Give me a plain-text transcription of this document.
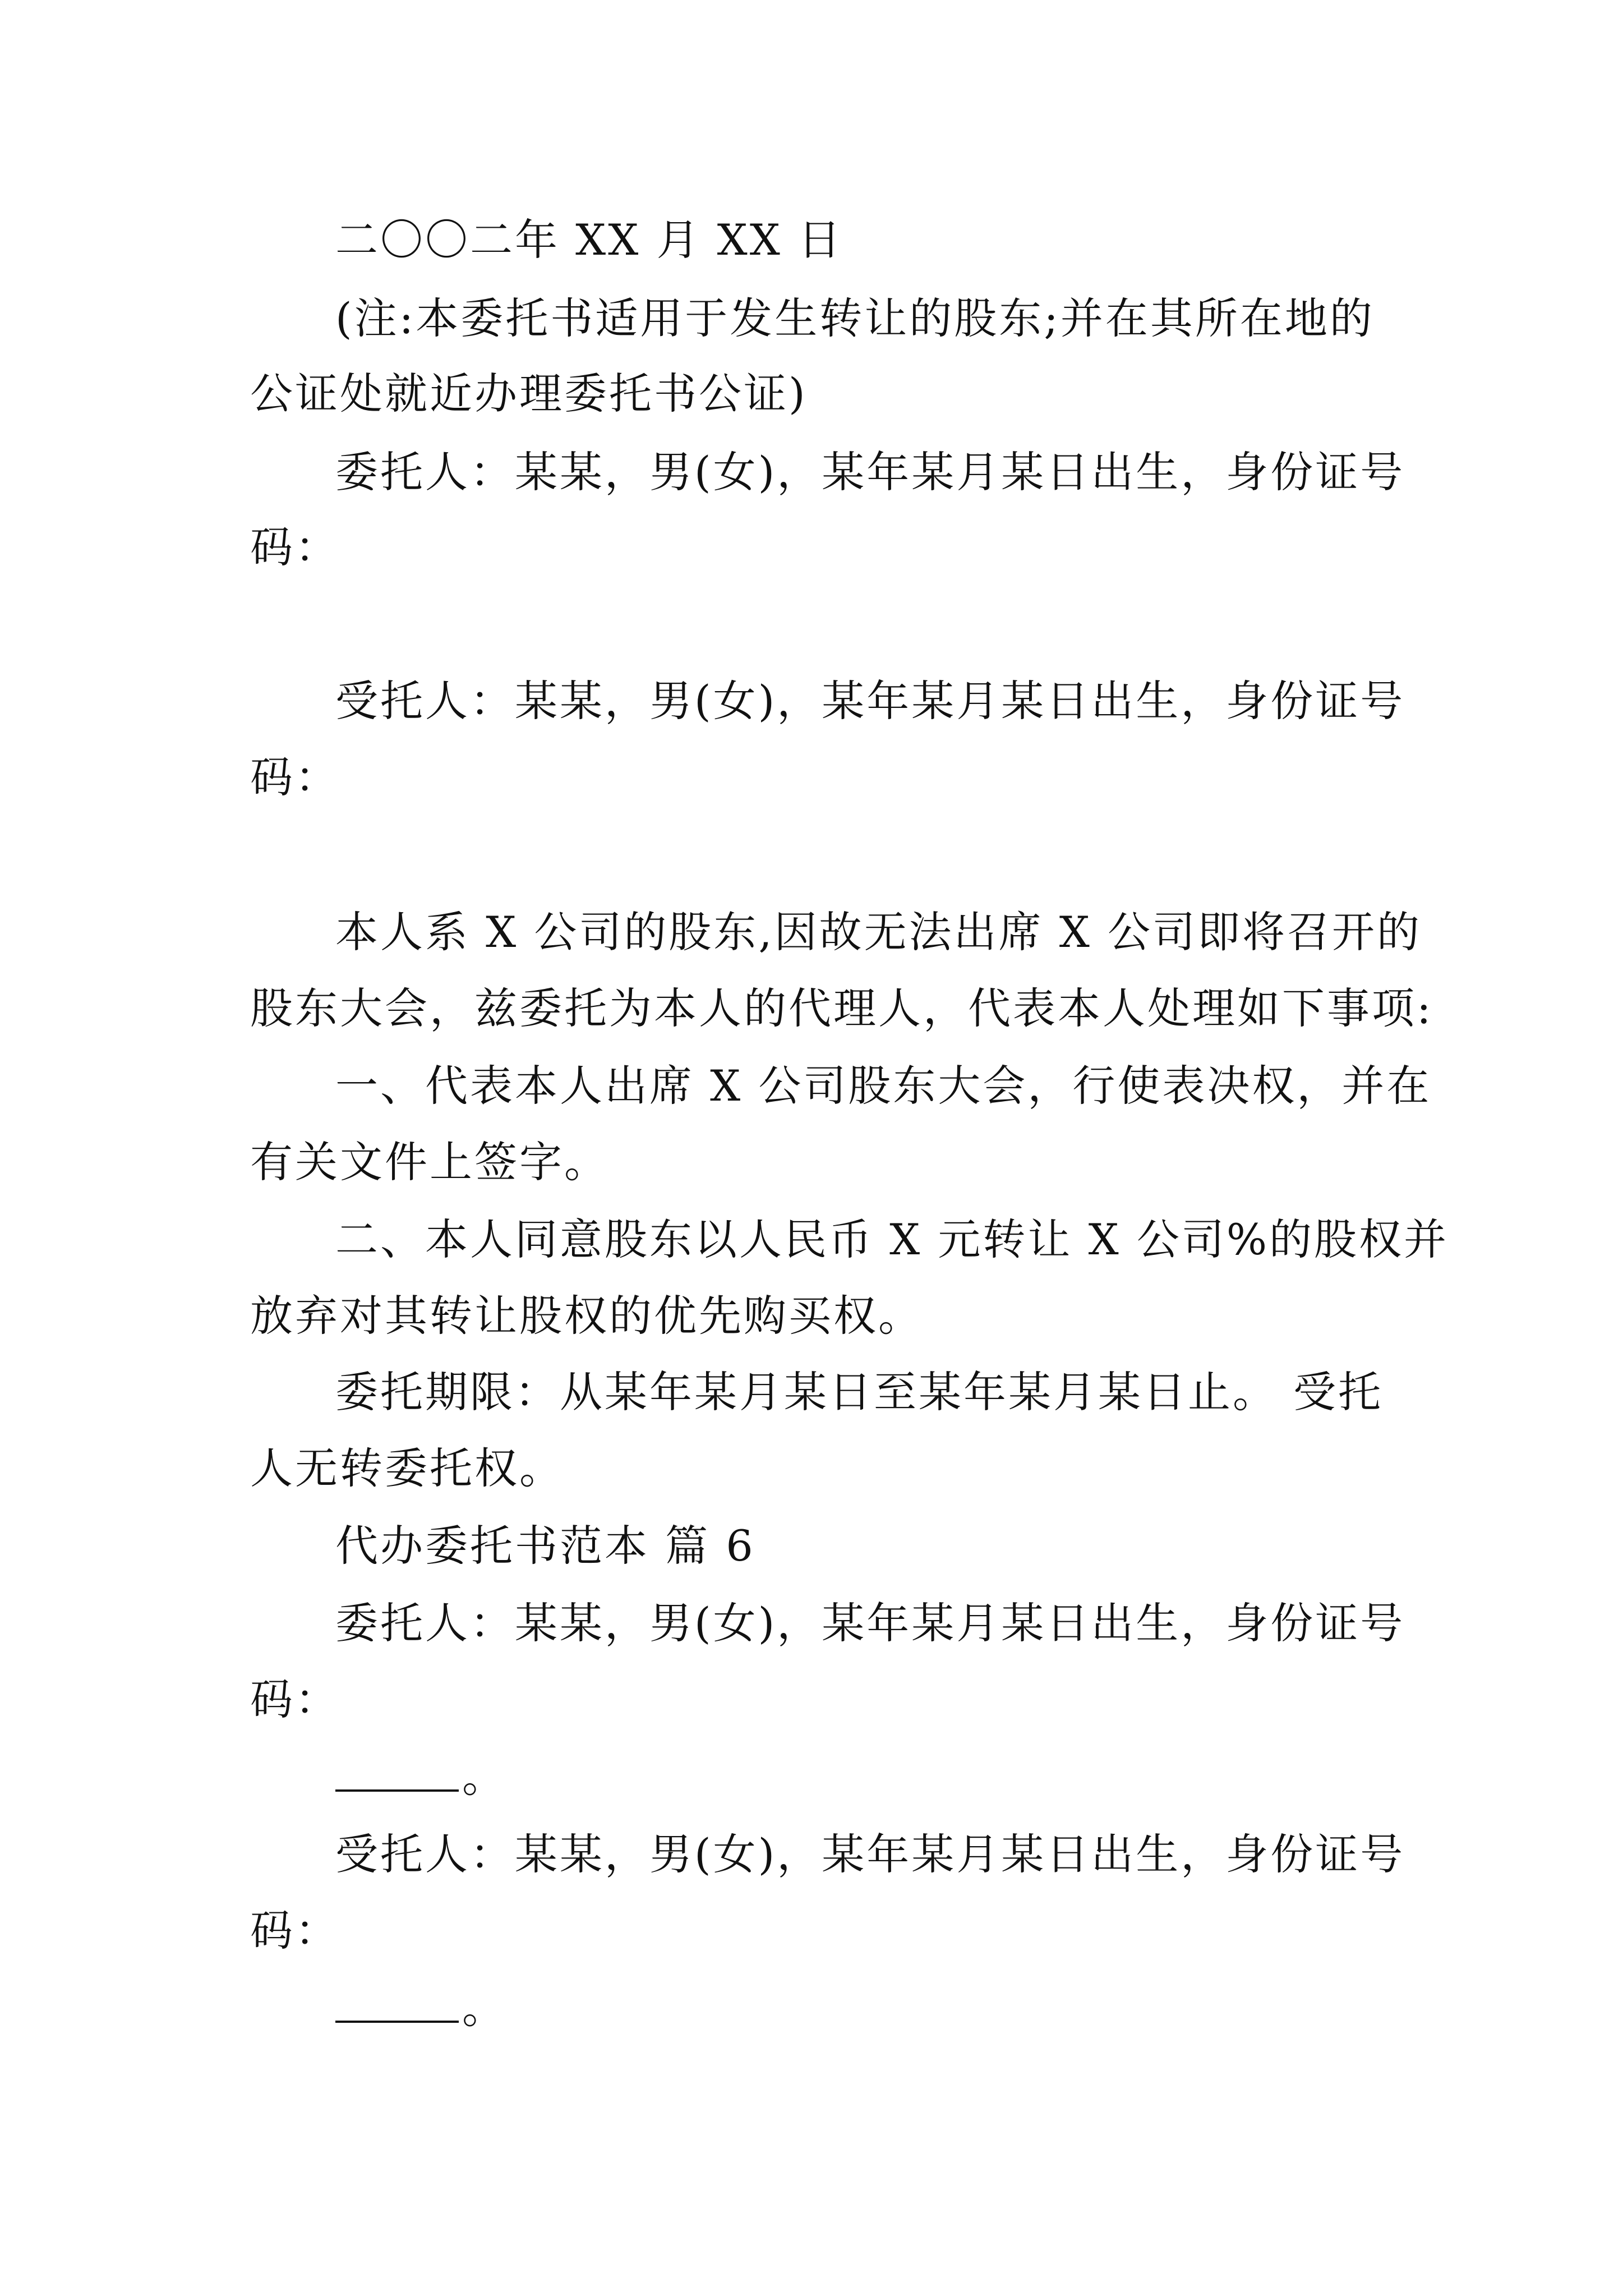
二〇〇二年 XX 月 XX 日
(注:本委托书适用于发生转让的股东;并在其所在地的
公证处就近办理委托书公证)
委托人：某某，男(女)，某年某月某日出生，身份证号
码：
受托人：某某，男(女)，某年某月某日出生，身份证号
码：
本人系 X 公司的股东,因故无法出席 X 公司即将召开的
股东大会，兹委托为本人的代理人，代表本人处理如下事项:
一、代表本人出席 X 公司股东大会，行使表决权，并在
有关文件上签字。
二、本人同意股东以人民币 X 元转让 X 公司%的股权并
放弃对其转让股权的优先购买权。
委托期限：从某年某月某日至某年某月某日止。 受托
人无转委托权。
代办委托书范本 篇 6
委托人：某某，男(女)，某年某月某日出生，身份证号
码：
。
受托人：某某，男(女)，某年某月某日出生，身份证号
码：
。
